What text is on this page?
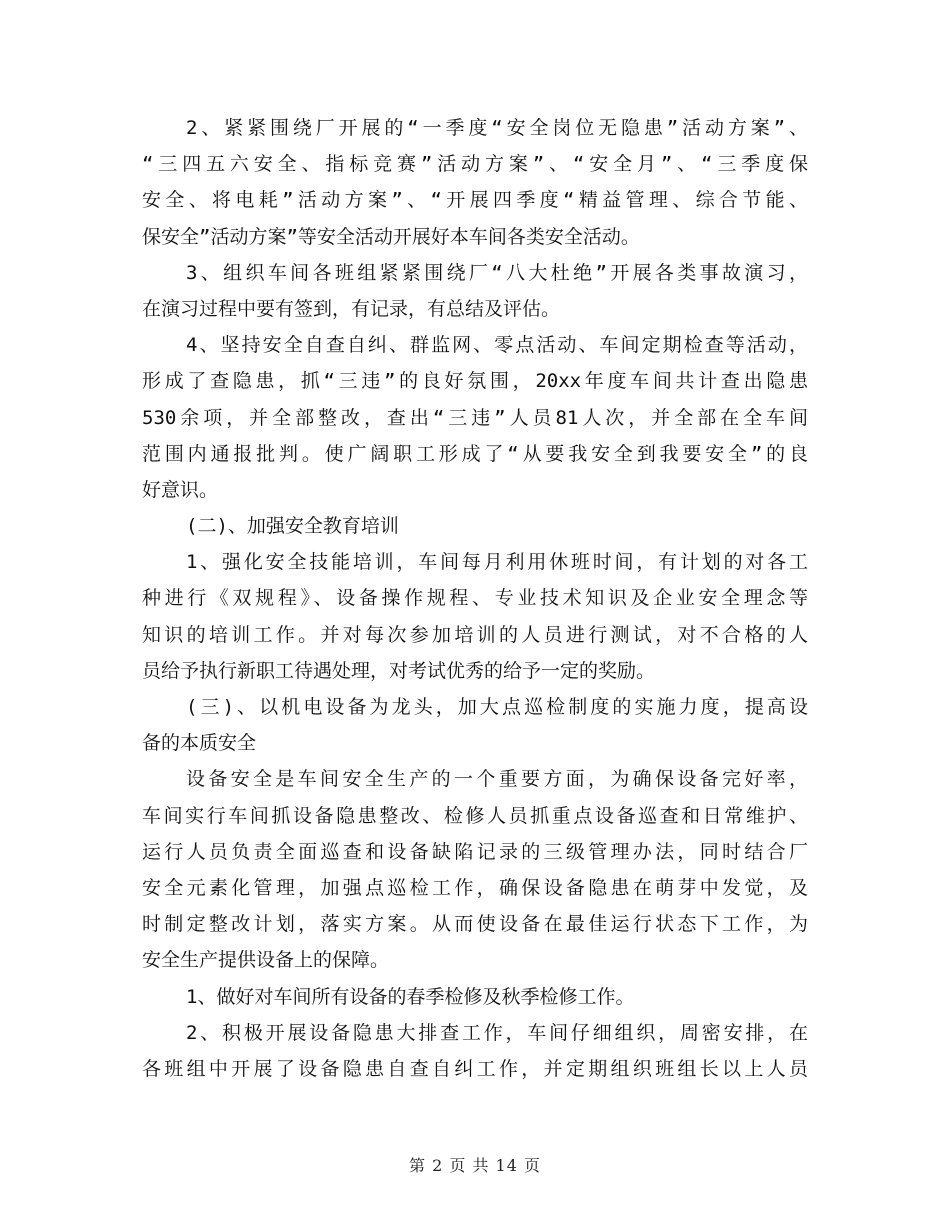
2、紧紧围绕厂开展的“一季度“安全岗位无隐患”活动方案”、
“三四五六安全、指标竞赛”活动方案”、“安全月”、“三季度保
安全、将电耗”活动方案”、“开展四季度“精益管理、综合节能、
保安全”活动方案”等安全活动开展好本车间各类安全活动。
3、组织车间各班组紧紧围绕厂“八大杜绝”开展各类事故演习，
在演习过程中要有签到，有记录，有总结及评估。
4、坚持安全自查自纠、群监网、零点活动、车间定期检查等活动，
形成了查隐患，抓“三违”的良好氛围，20xx年度车间共计查出隐患
530余项，并全部整改，查出“三违”人员81人次，并全部在全车间
范围内通报批判。使广阔职工形成了“从要我安全到我要安全”的良
好意识。
(二)、加强安全教育培训
1、强化安全技能培训，车间每月利用休班时间，有计划的对各工
种进行《双规程》、设备操作规程、专业技术知识及企业安全理念等
知识的培训工作。并对每次参加培训的人员进行测试，对不合格的人
员给予执行新职工待遇处理，对考试优秀的给予一定的奖励。
(三)、以机电设备为龙头，加大点巡检制度的实施力度，提高设
备的本质安全
设备安全是车间安全生产的一个重要方面，为确保设备完好率，
车间实行车间抓设备隐患整改、检修人员抓重点设备巡查和日常维护、
运行人员负责全面巡查和设备缺陷记录的三级管理办法，同时结合厂
安全元素化管理，加强点巡检工作，确保设备隐患在萌芽中发觉，及
时制定整改计划，落实方案。从而使设备在最佳运行状态下工作，为
安全生产提供设备上的保障。
1、做好对车间所有设备的春季检修及秋季检修工作。
2、积极开展设备隐患大排查工作，车间仔细组织，周密安排，在
各班组中开展了设备隐患自查自纠工作，并定期组织班组长以上人员
第 2 页 共 14 页
